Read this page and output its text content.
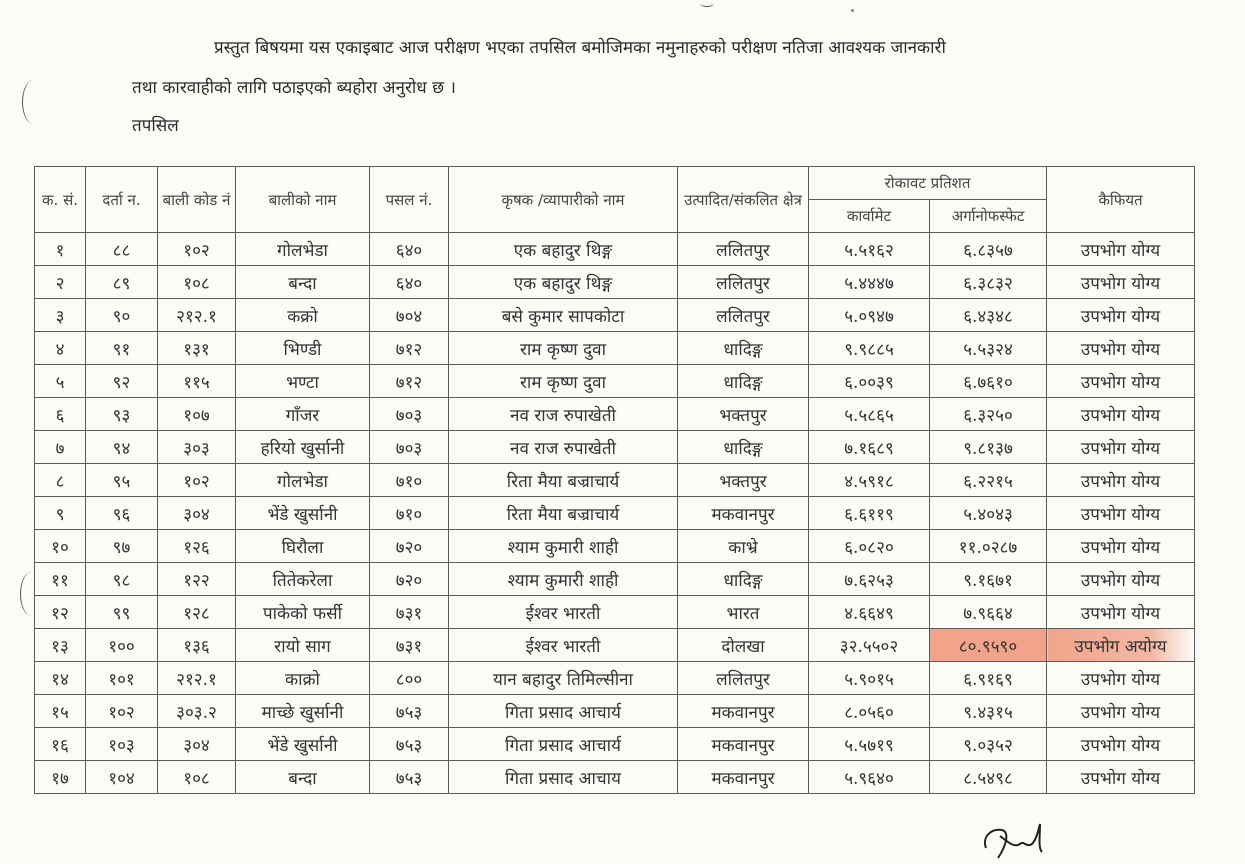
प्रस्तुत बिषयमा यस एकाइबाट आज परीक्षण भएका तपसिल बमोजिमका नमुनाहरुको परीक्षण नतिजा आवश्यक जानकारी
तथा कारवाहीको लागि पठाइएको ब्यहोरा अनुरोध छ ।
तपसिल
क. सं.	दर्ता न.	बाली कोड नं	बालीको नाम	पसल नं.	कृषक /व्यापारीको नाम	उत्पादित/संकलित क्षेत्र	रोकावट प्रतिशत		कैफियत
							कार्वामेट	अर्गानोफस्फेट	
१	८८	१०२	गोलभेडा	६४०	एक बहादुर थिङ्ग	ललितपुर	५.५१६२	६.८३५७	उपभोग योग्य
२	८९	१०८	बन्दा	६४०	एक बहादुर थिङ्ग	ललितपुर	५.४४४७	६.३८३२	उपभोग योग्य
३	९०	२१२.१	कक्रो	७०४	बसे कुमार सापकोटा	ललितपुर	५.०९४७	६.४३४८	उपभोग योग्य
४	९१	१३१	भिण्डी	७१२	राम कृष्ण दुवा	धादिङ्ग	९.९८८५	५.५३२४	उपभोग योग्य
५	९२	११५	भण्टा	७१२	राम कृष्ण दुवा	धादिङ्ग	६.००३९	६.७६१०	उपभोग योग्य
६	९३	१०७	गाँजर	७०३	नव राज रुपाखेती	भक्तपुर	५.५८६५	६.३२५०	उपभोग योग्य
७	९४	३०३	हरियो खुर्सानी	७०३	नव राज रुपाखेती	धादिङ्ग	७.१६८९	९.८१३७	उपभोग योग्य
८	९५	१०२	गोलभेडा	७१०	रिता मैया बज्राचार्य	भक्तपुर	४.५९१८	६.२२१५	उपभोग योग्य
९	९६	३०४	भेंडे खुर्सानी	७१०	रिता मैया बज्राचार्य	मकवानपुर	६.६११९	५.४०४३	उपभोग योग्य
१०	९७	१२६	घिरौला	७२०	श्याम कुमारी शाही	काभ्रे	६.०८२०	११.०२८७	उपभोग योग्य
११	९८	१२२	तितेकरेला	७२०	श्याम कुमारी शाही	धादिङ्ग	७.६२५३	९.१६७१	उपभोग योग्य
१२	९९	१२८	पाकेको फर्सी	७३१	ईश्वर भारती	भारत	४.६६४९	७.९६६४	उपभोग योग्य
१३	१००	१३६	रायो साग	७३१	ईश्वर भारती	दोलखा	३२.५५०२	८०.९५९०	उपभोग अयोग्य
१४	१०१	२१२.१	काक्रो	८००	यान बहादुर तिमिल्सीना	ललितपुर	५.९०१५	६.९१६९	उपभोग योग्य
१५	१०२	३०३.२	माच्छे खुर्सानी	७५३	गिता प्रसाद आचार्य	मकवानपुर	८.०५६०	९.४३१५	उपभोग योग्य
१६	१०३	३०४	भेंडे खुर्सानी	७५३	गिता प्रसाद आचार्य	मकवानपुर	५.५७१९	९.०३५२	उपभोग योग्य
१७	१०४	१०८	बन्दा	७५३	गिता प्रसाद आचाय	मकवानपुर	५.९६४०	८.५४९८	उपभोग योग्य
